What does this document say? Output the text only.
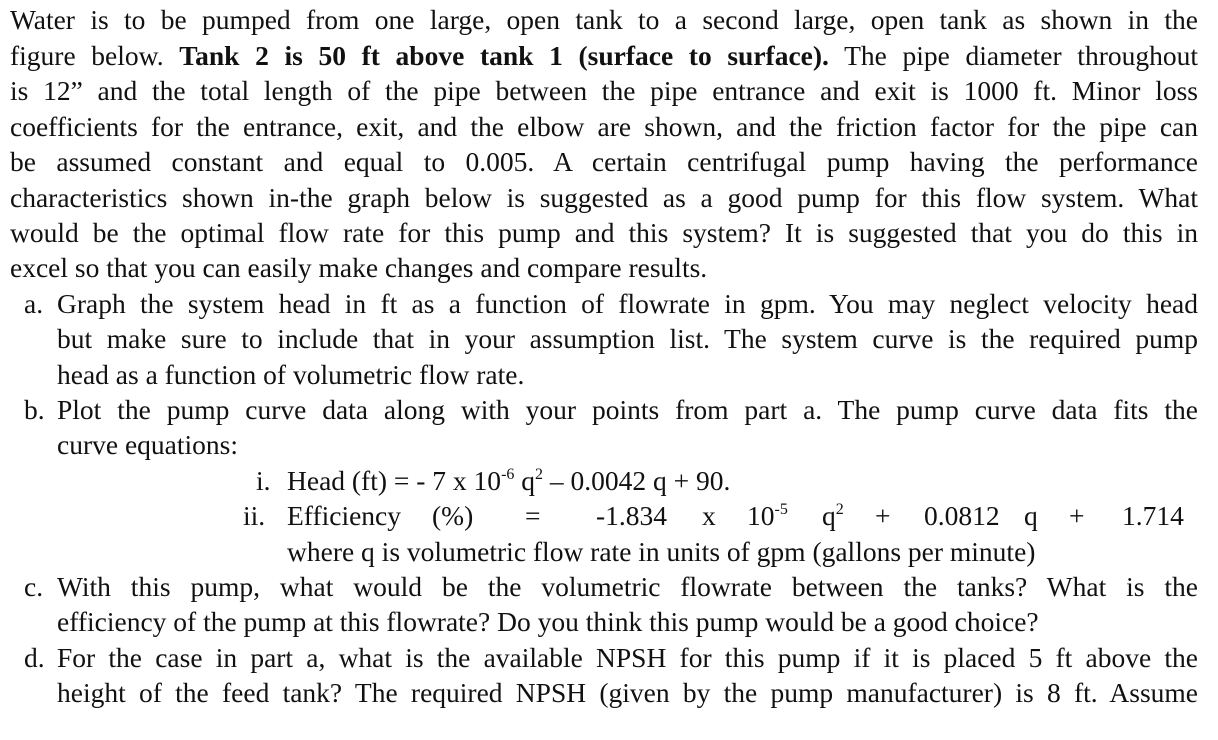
Water is to be pumped from one large, open tank to a second large, open tank as shown in the
figure below. Tank 2 is 50 ft above tank 1 (surface to surface). The pipe diameter throughout
is 12” and the total length of the pipe between the pipe entrance and exit is 1000 ft. Minor loss
coefficients for the entrance, exit, and the elbow are shown, and the friction factor for the pipe can
be assumed constant and equal to 0.005. A certain centrifugal pump having the performance
characteristics shown in-the graph below is suggested as a good pump for this flow system. What
would be the optimal flow rate for this pump and this system? It is suggested that you do this in
excel so that you can easily make changes and compare results.
a. Graph the system head in ft as a function of flowrate in gpm. You may neglect velocity head
but make sure to include that in your assumption list. The system curve is the required pump
head as a function of volumetric flow rate.
b. Plot the pump curve data along with your points from part a. The pump curve data fits the
curve equations:
i. Head (ft) = - 7 x $10^{-6}$ $q^2 - 0.0042$ q + 90.
ii. Efficiency (%) = -1.834 x $10^{-5}$ $q^2 + 0.0812$ q + 1.714
where q is volumetric flow rate in units of gpm (gallons per minute)
c. With this pump, what would be the volumetric flowrate between the tanks? What is the
efficiency of the pump at this flowrate? Do you think this pump would be a good choice?
d. For the case in part a, what is the available NPSH for this pump if it is placed 5 ft above the
height of the feed tank? The required NPSH (given by the pump manufacturer) is 8 ft. Assume
